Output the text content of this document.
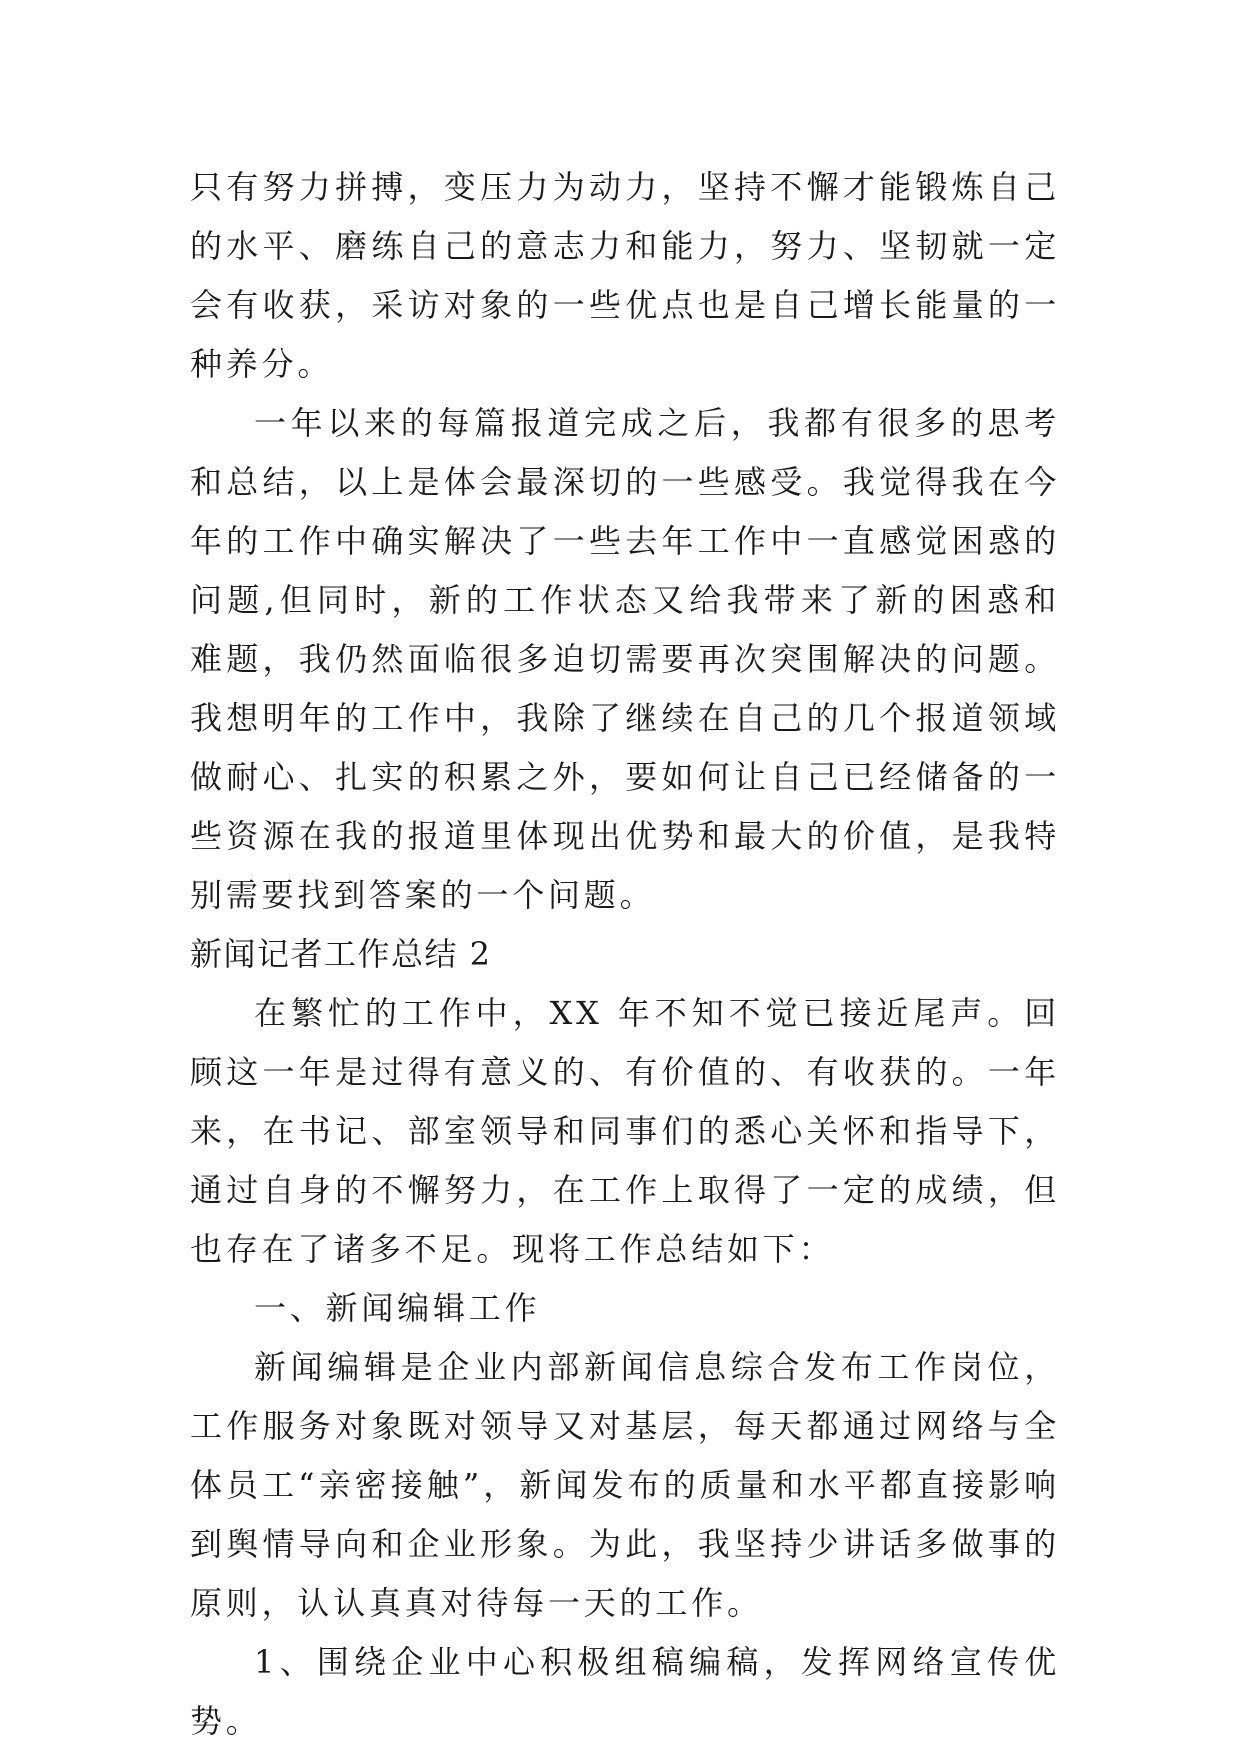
只有努力拼搏，变压力为动力，坚持不懈才能锻炼自己的水平、磨练自己的意志力和能力，努力、坚韧就一定会有收获，采访对象的一些优点也是自己增长能量的一种养分。

一年以来的每篇报道完成之后，我都有很多的思考和总结，以上是体会最深切的一些感受。我觉得我在今年的工作中确实解决了一些去年工作中一直感觉困惑的问题,但同时，新的工作状态又给我带来了新的困惑和难题，我仍然面临很多迫切需要再次突围解决的问题。我想明年的工作中，我除了继续在自己的几个报道领域做耐心、扎实的积累之外，要如何让自己已经储备的一些资源在我的报道里体现出优势和最大的价值，是我特别需要找到答案的一个问题。

新闻记者工作总结 2

在繁忙的工作中，XX 年不知不觉已接近尾声。回顾这一年是过得有意义的、有价值的、有收获的。一年来，在书记、部室领导和同事们的悉心关怀和指导下，通过自身的不懈努力，在工作上取得了一定的成绩，但也存在了诸多不足。现将工作总结如下：

一、新闻编辑工作

新闻编辑是企业内部新闻信息综合发布工作岗位，工作服务对象既对领导又对基层，每天都通过网络与全体员工“亲密接触”，新闻发布的质量和水平都直接影响到舆情导向和企业形象。为此，我坚持少讲话多做事的原则，认认真真对待每一天的工作。

1、围绕企业中心积极组稿编稿，发挥网络宣传优势。
